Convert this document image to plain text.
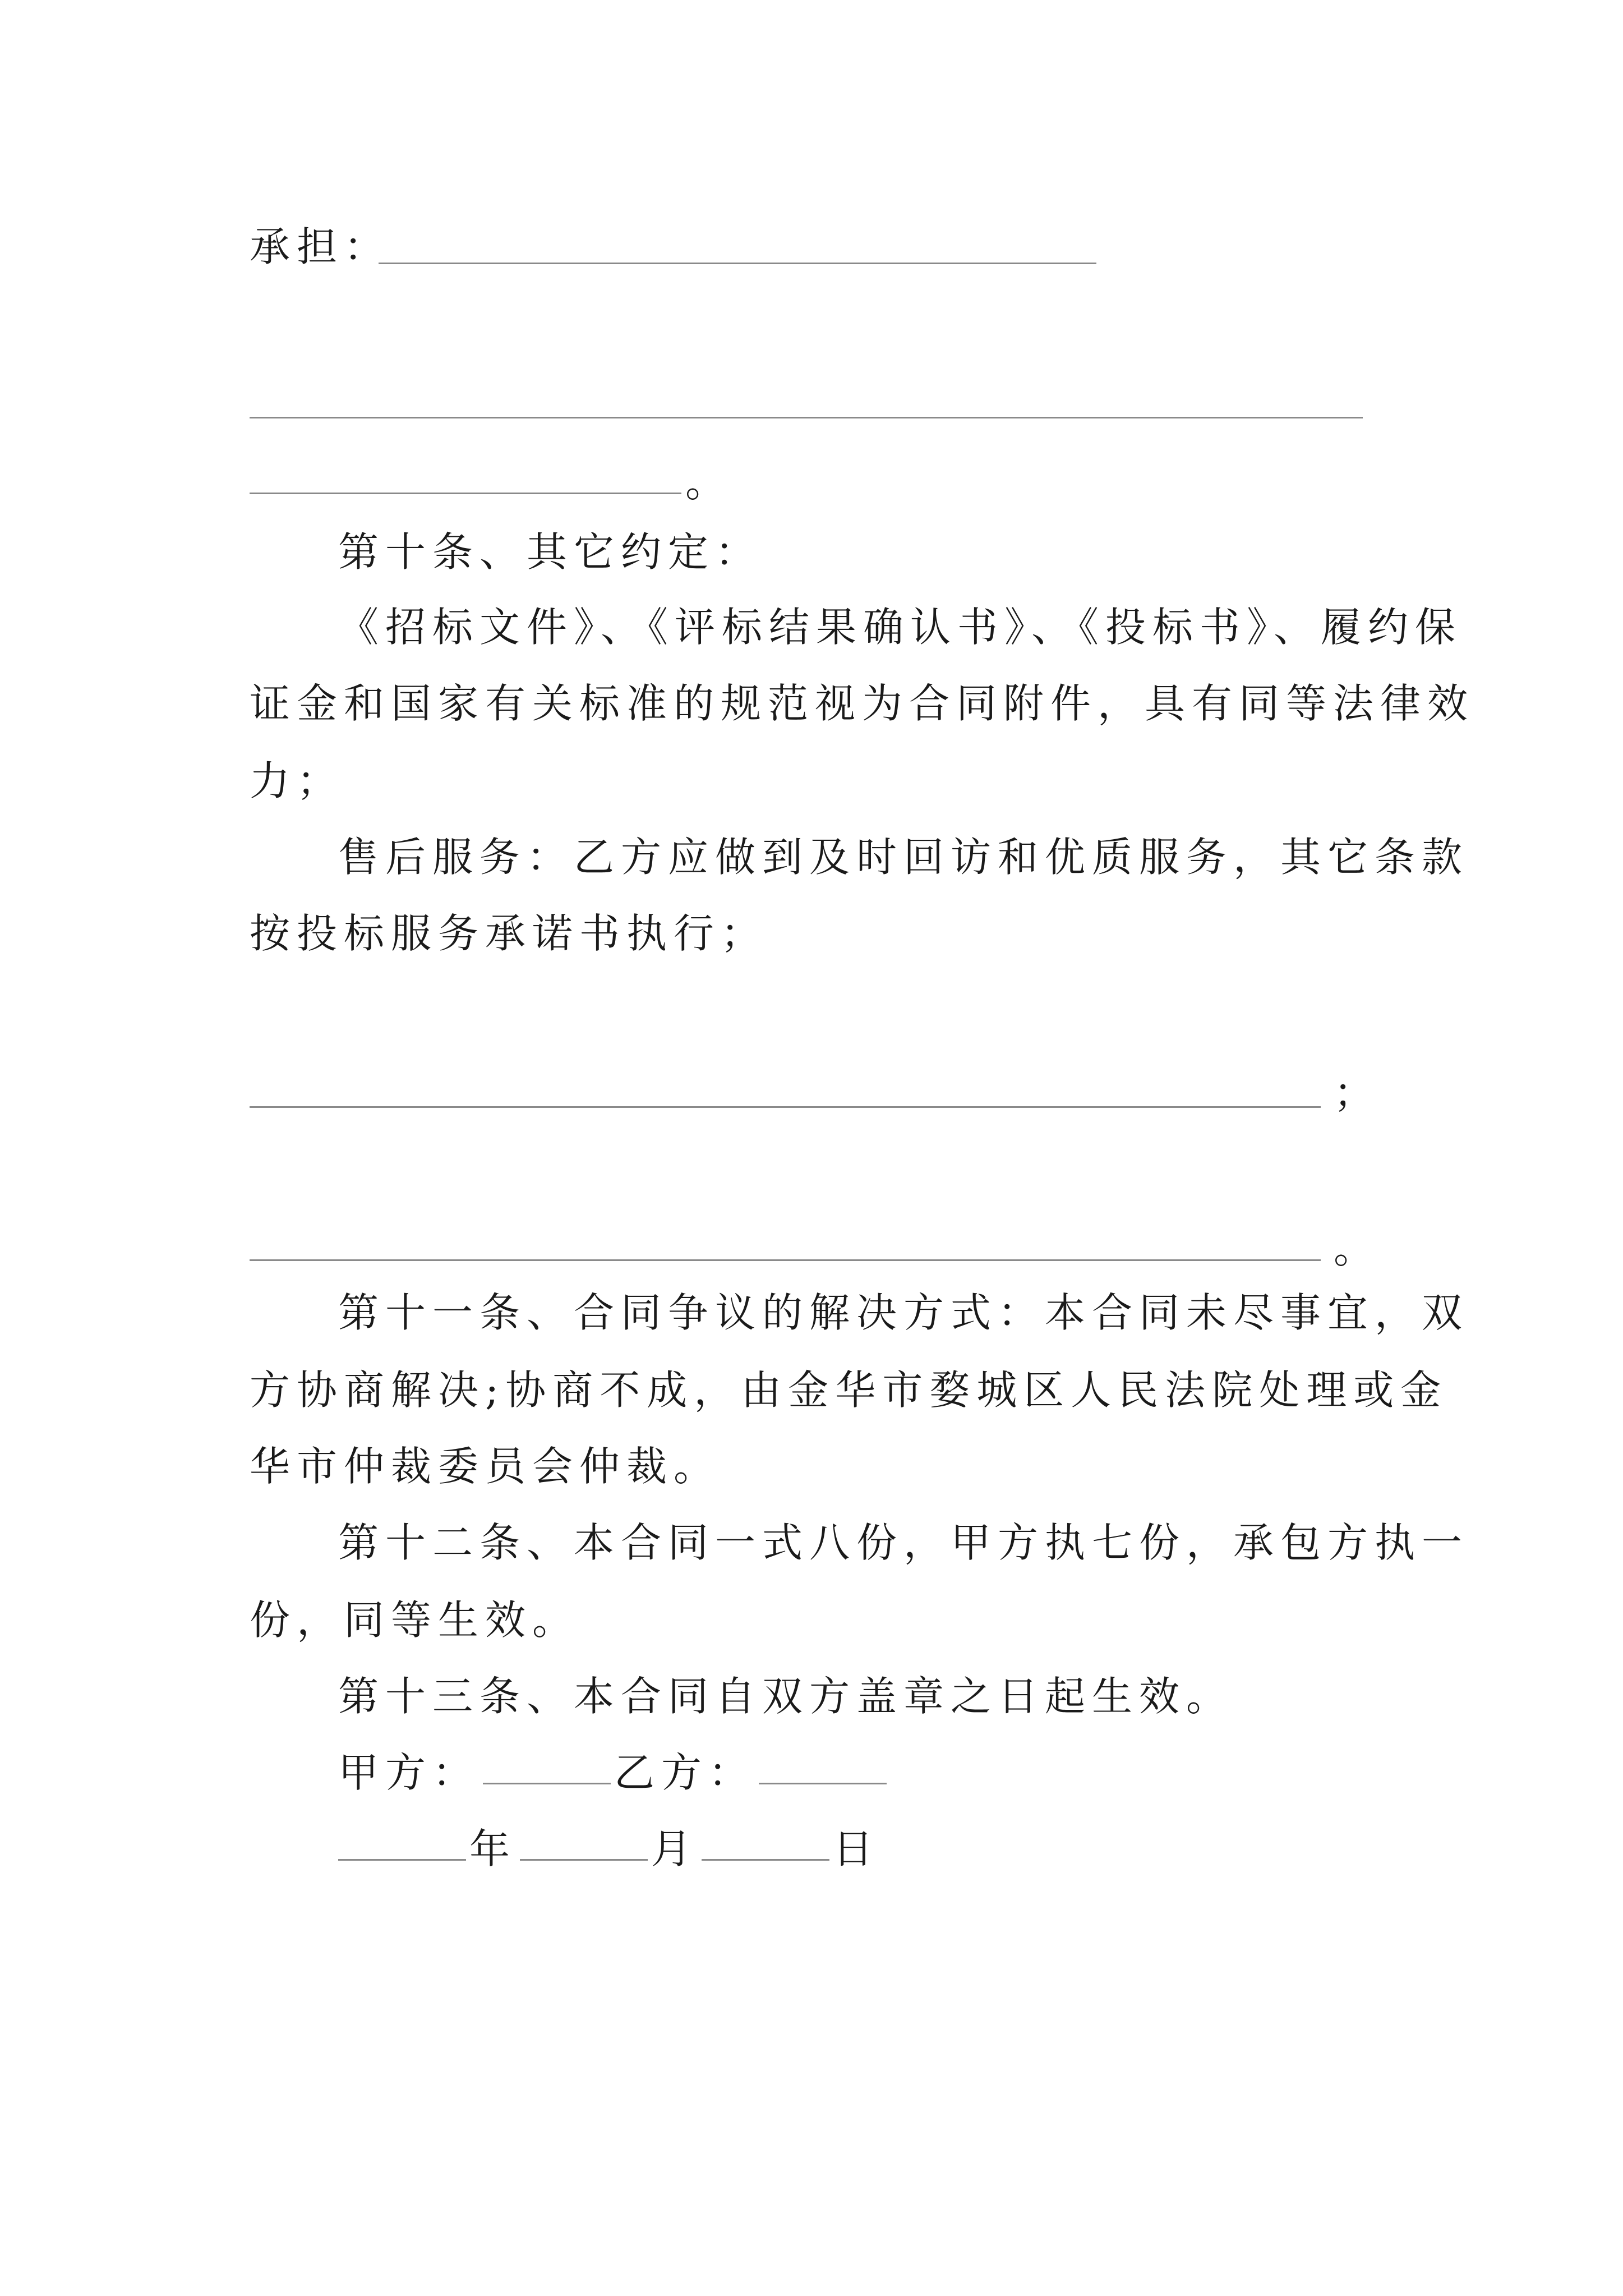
承担：
。
第十条、其它约定：
《招标文件》、《评标结果确认书》、《投标书》、履约保
证金和国家有关标准的规范视为合同附件，具有同等法律效
力；
售后服务：乙方应做到及时回访和优质服务，其它条款
按投标服务承诺书执行；
；
。
第十一条、合同争议的解决方式：本合同未尽事宜，双
方协商解决;协商不成，由金华市婺城区人民法院处理或金
华市仲裁委员会仲裁。
第十二条、本合同一式八份，甲方执七份，承包方执一
份，同等生效。
第十三条、本合同自双方盖章之日起生效。
甲方：	乙方：
年	月	日
